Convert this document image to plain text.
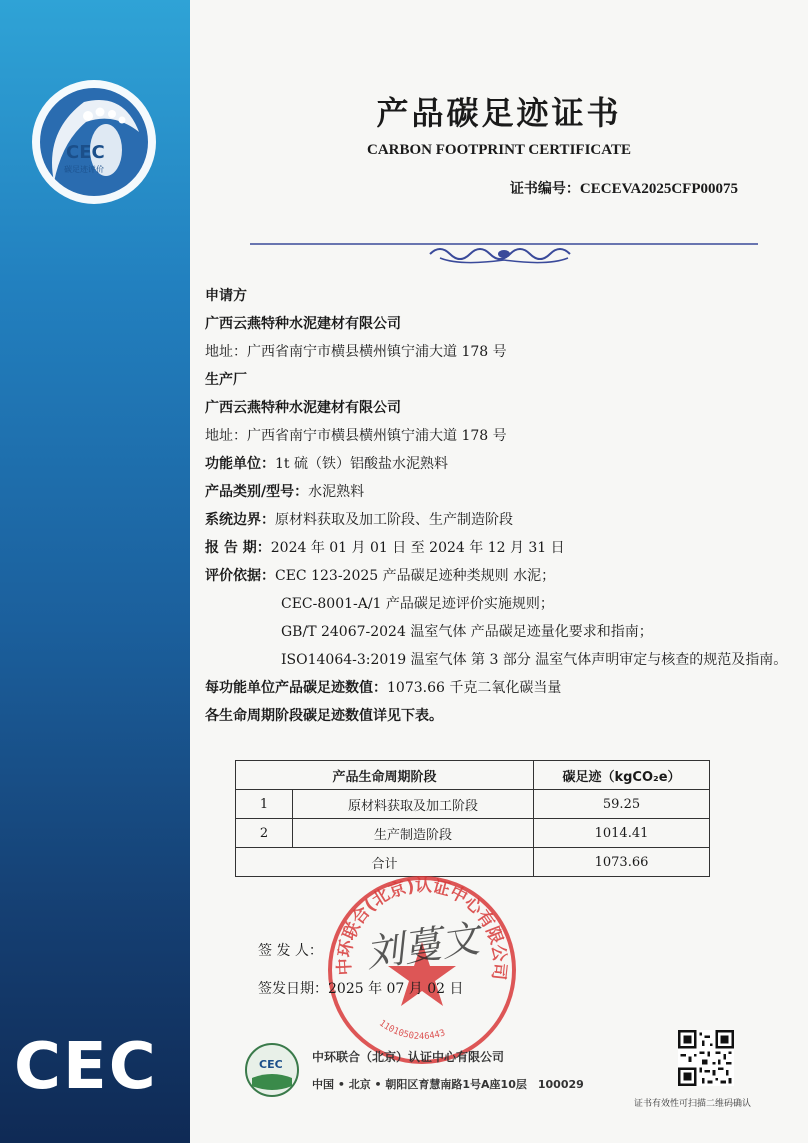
CEC
碳足迹评价
CEC
产品碳足迹证书
CARBON FOOTPRINT CERTIFICATE
证书编号：CECEVA2025CFP00075
申请方
广西云燕特种水泥建材有限公司
地址：广西省南宁市横县横州镇宁浦大道 178 号
生产厂
广西云燕特种水泥建材有限公司
地址：广西省南宁市横县横州镇宁浦大道 178 号
功能单位：1t 硫（铁）铝酸盐水泥熟料
产品类别/型号：水泥熟料
系统边界：原材料获取及加工阶段、生产制造阶段
报 告 期：2024 年 01 月 01 日 至 2024 年 12 月 31 日
评价依据：CEC 123-2025 产品碳足迹种类规则 水泥；
CEC-8001-A/1 产品碳足迹评价实施规则；
GB/T 24067-2024 温室气体 产品碳足迹量化要求和指南；
ISO14064-3:2019 温室气体 第 3 部分 温室气体声明审定与核查的规范及指南。
每功能单位产品碳足迹数值：1073.66 千克二氧化碳当量
各生命周期阶段碳足迹数值详见下表。
产品生命周期阶段		碳足迹（kgCO₂e）
1	原材料获取及加工阶段	59.25
2	生产制造阶段	1014.41
合计		1073.66
中环联合(北京)认证中心有限公司
1101050246443
签 发 人： 刘蔓文
签发日期：2025 年 07 月 02 日
CEC
中环联合（北京）认证中心有限公司
中国 • 北京 • 朝阳区育慧南路1号A座10层　100029
证书有效性可扫描二维码确认
